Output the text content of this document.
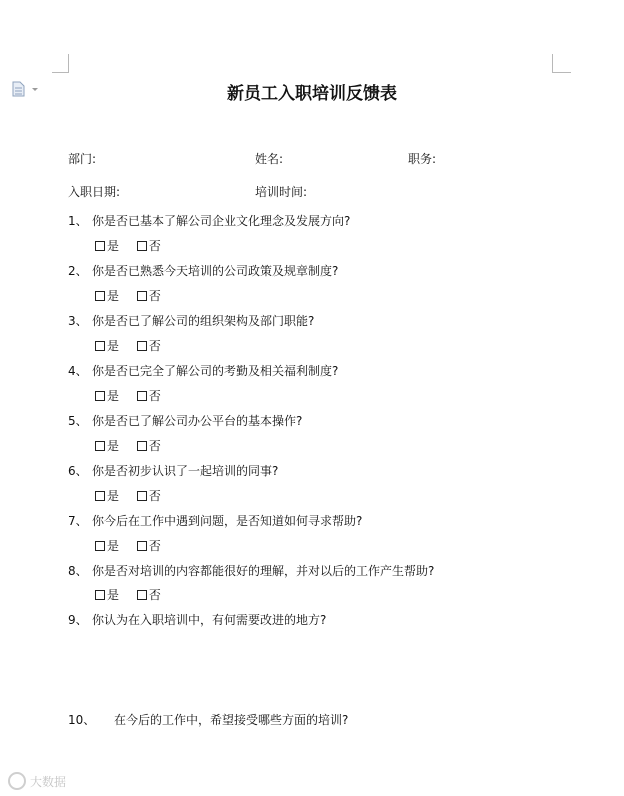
新员工入职培训反馈表
部门:	姓名:	职务:
入职日期:	培训时间:
1、 你是否已基本了解公司企业文化理念及发展方向?
是 否
2、 你是否已熟悉今天培训的公司政策及规章制度?
是 否
3、 你是否已了解公司的组织架构及部门职能?
是 否
4、 你是否已完全了解公司的考勤及相关福利制度?
是 否
5、 你是否已了解公司办公平台的基本操作?
是 否
6、 你是否初步认识了一起培训的同事?
是 否
7、 你今后在工作中遇到问题，是否知道如何寻求帮助?
是 否
8、 你是否对培训的内容都能很好的理解，并对以后的工作产生帮助?
是 否
9、 你认为在入职培训中，有何需要改进的地方?
10、 在今后的工作中，希望接受哪些方面的培训?
大数据
